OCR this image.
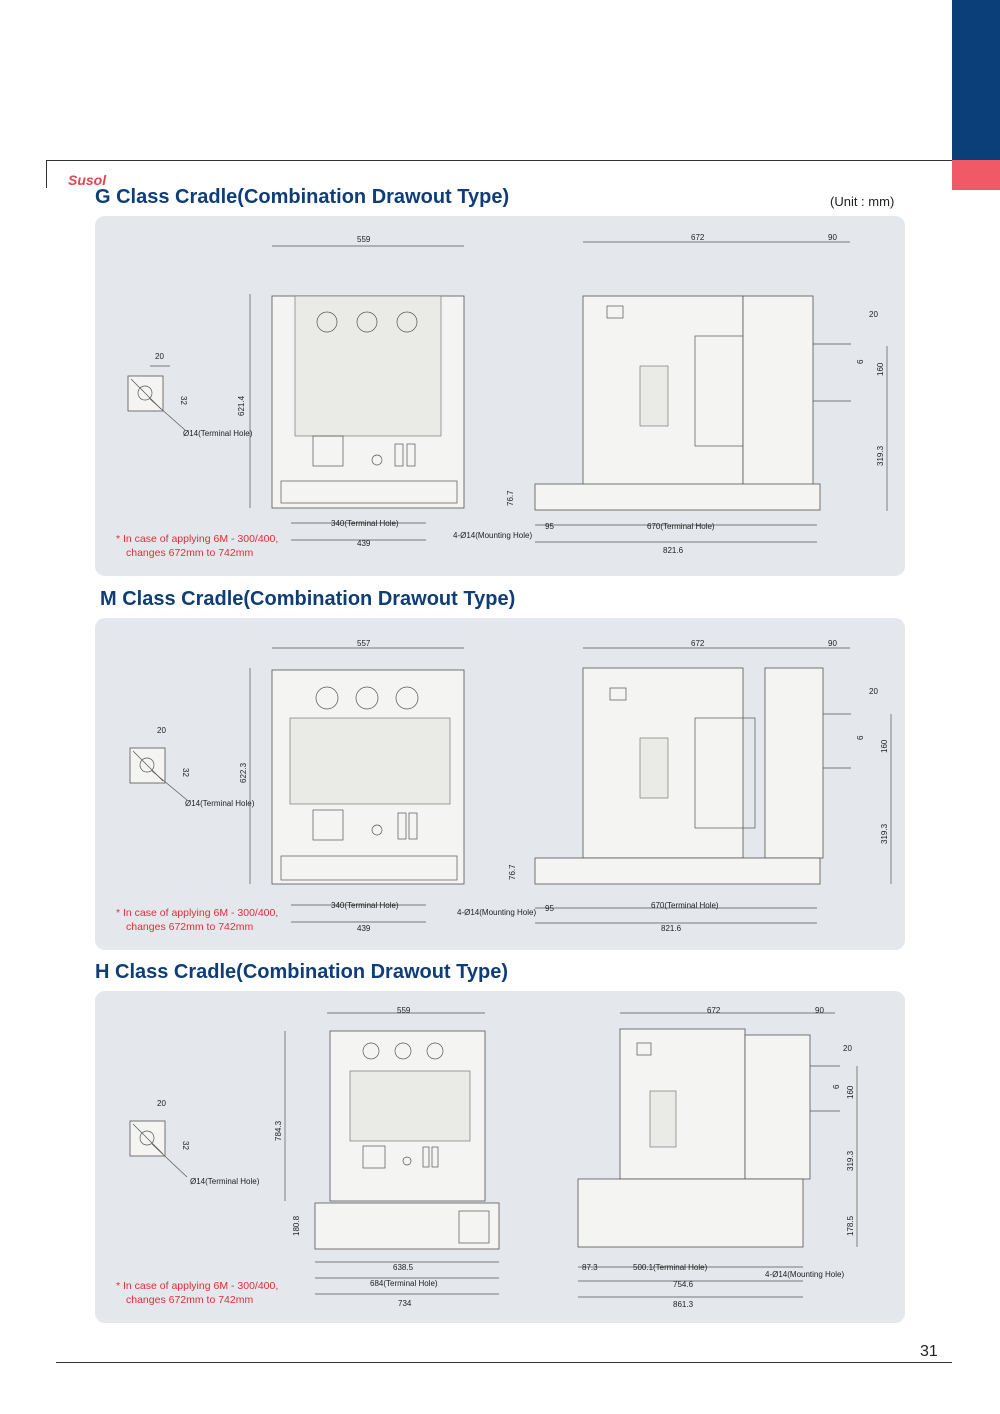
Susol
G Class Cradle(Combination Drawout Type)	(Unit : mm)
20
32
Ø14(Terminal Hole)
559
621.4
340(Terminal Hole)
439
4-Ø14(Mounting Hole)
672	90
20
6
160
319.3
76.7
95	670(Terminal Hole)
821.6
* In case of applying 6M - 300/400,
changes 672mm to 742mm
M Class Cradle(Combination Drawout Type)
20
32
Ø14(Terminal Hole)
557
622.3
340(Terminal Hole)
439
4-Ø14(Mounting Hole)
672	90
20
6
160
319.3
76.7
95	670(Terminal Hole)
821.6
* In case of applying 6M - 300/400,
changes 672mm to 742mm
H Class Cradle(Combination Drawout Type)
20
32
Ø14(Terminal Hole)
559
784.3
180.8
638.5
684(Terminal Hole)
734
672	90
20
6 160
319.3
178.5
87.3	500.1(Terminal Hole)
4-Ø14(Mounting Hole)
754.6
861.3
* In case of applying 6M - 300/400,
changes 672mm to 742mm
31
